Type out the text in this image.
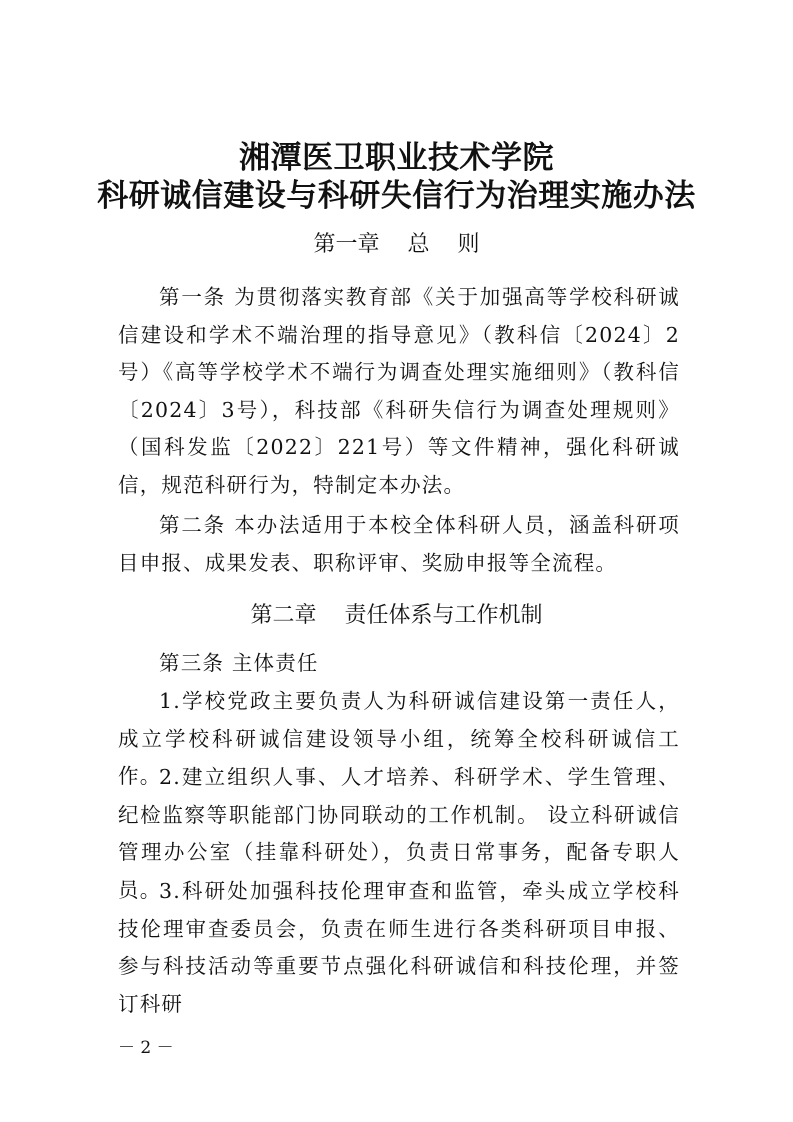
湘潭医卫职业技术学院
科研诚信建设与科研失信行为治理实施办法
第一章    总    则
第一条 为贯彻落实教育部《关于加强高等学校科研诚信建设和学术不端治理的指导意见》（教科信〔2024〕2号）《高等学校学术不端行为调查处理实施细则》（教科信〔2024〕3号），科技部《科研失信行为调查处理规则》（国科发监〔2022〕221号）等文件精神，强化科研诚信，规范科研行为，特制定本办法。
第二条 本办法适用于本校全体科研人员，涵盖科研项目申报、成果发表、职称评审、奖励申报等全流程。
第二章    责任体系与工作机制
第三条 主体责任
1.学校党政主要负责人为科研诚信建设第一责任人，成立学校科研诚信建设领导小组，统筹全校科研诚信工作。
2.建立组织人事、人才培养、科研学术、学生管理、纪检监察等职能部门协同联动的工作机制。 设立科研诚信管理办公室（挂靠科研处），负责日常事务，配备专职人员。
3.科研处加强科技伦理审查和监管，牵头成立学校科技伦理审查委员会，负责在师生进行各类科研项目申报、参与科技活动等重要节点强化科研诚信和科技伦理，并签订科研
－ 2 －
